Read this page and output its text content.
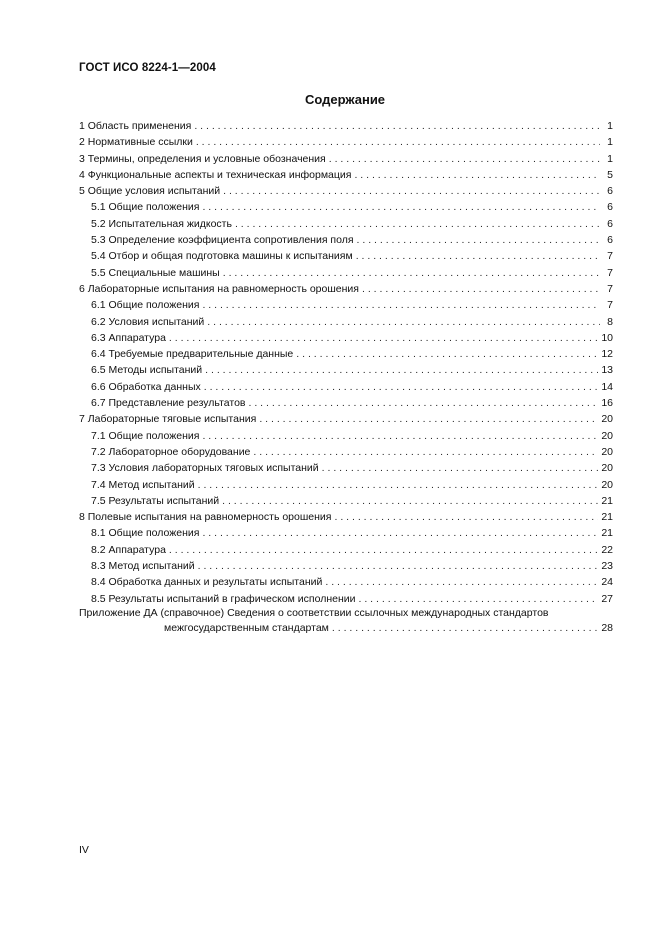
ГОСТ ИСО 8224-1—2004
Содержание
1 Область применения . . .	1
2 Нормативные ссылки . . .	1
3 Термины, определения и условные обозначения . . .	1
4 Функциональные аспекты и техническая информация . . .	5
5 Общие условия испытаний . . .	6
5.1 Общие положения . . .	6
5.2 Испытательная жидкость . . .	6
5.3 Определение коэффициента сопротивления поля . . .	6
5.4 Отбор и общая подготовка машины к испытаниям . . .	7
5.5 Специальные машины . . .	7
6 Лабораторные испытания на равномерность орошения . . .	7
6.1 Общие положения . . .	7
6.2 Условия испытаний . . .	8
6.3 Аппаратура . . .	10
6.4 Требуемые предварительные данные . . .	12
6.5 Методы испытаний . . .	13
6.6 Обработка данных . . .	14
6.7 Представление результатов . . .	16
7 Лабораторные тяговые испытания . . .	20
7.1 Общие положения . . .	20
7.2 Лабораторное оборудование . . .	20
7.3 Условия лабораторных тяговых испытаний . . .	20
7.4 Метод испытаний . . .	20
7.5 Результаты испытаний . . .	21
8 Полевые испытания на равномерность орошения . . .	21
8.1 Общие положения . . .	21
8.2 Аппаратура . . .	22
8.3 Метод испытаний . . .	23
8.4 Обработка данных и результаты испытаний . . .	24
8.5 Результаты испытаний в графическом исполнении . . .	27
Приложение ДА (справочное) Сведения о соответствии ссылочных международных стандартов
межгосударственным стандартам . . .	28
IV
